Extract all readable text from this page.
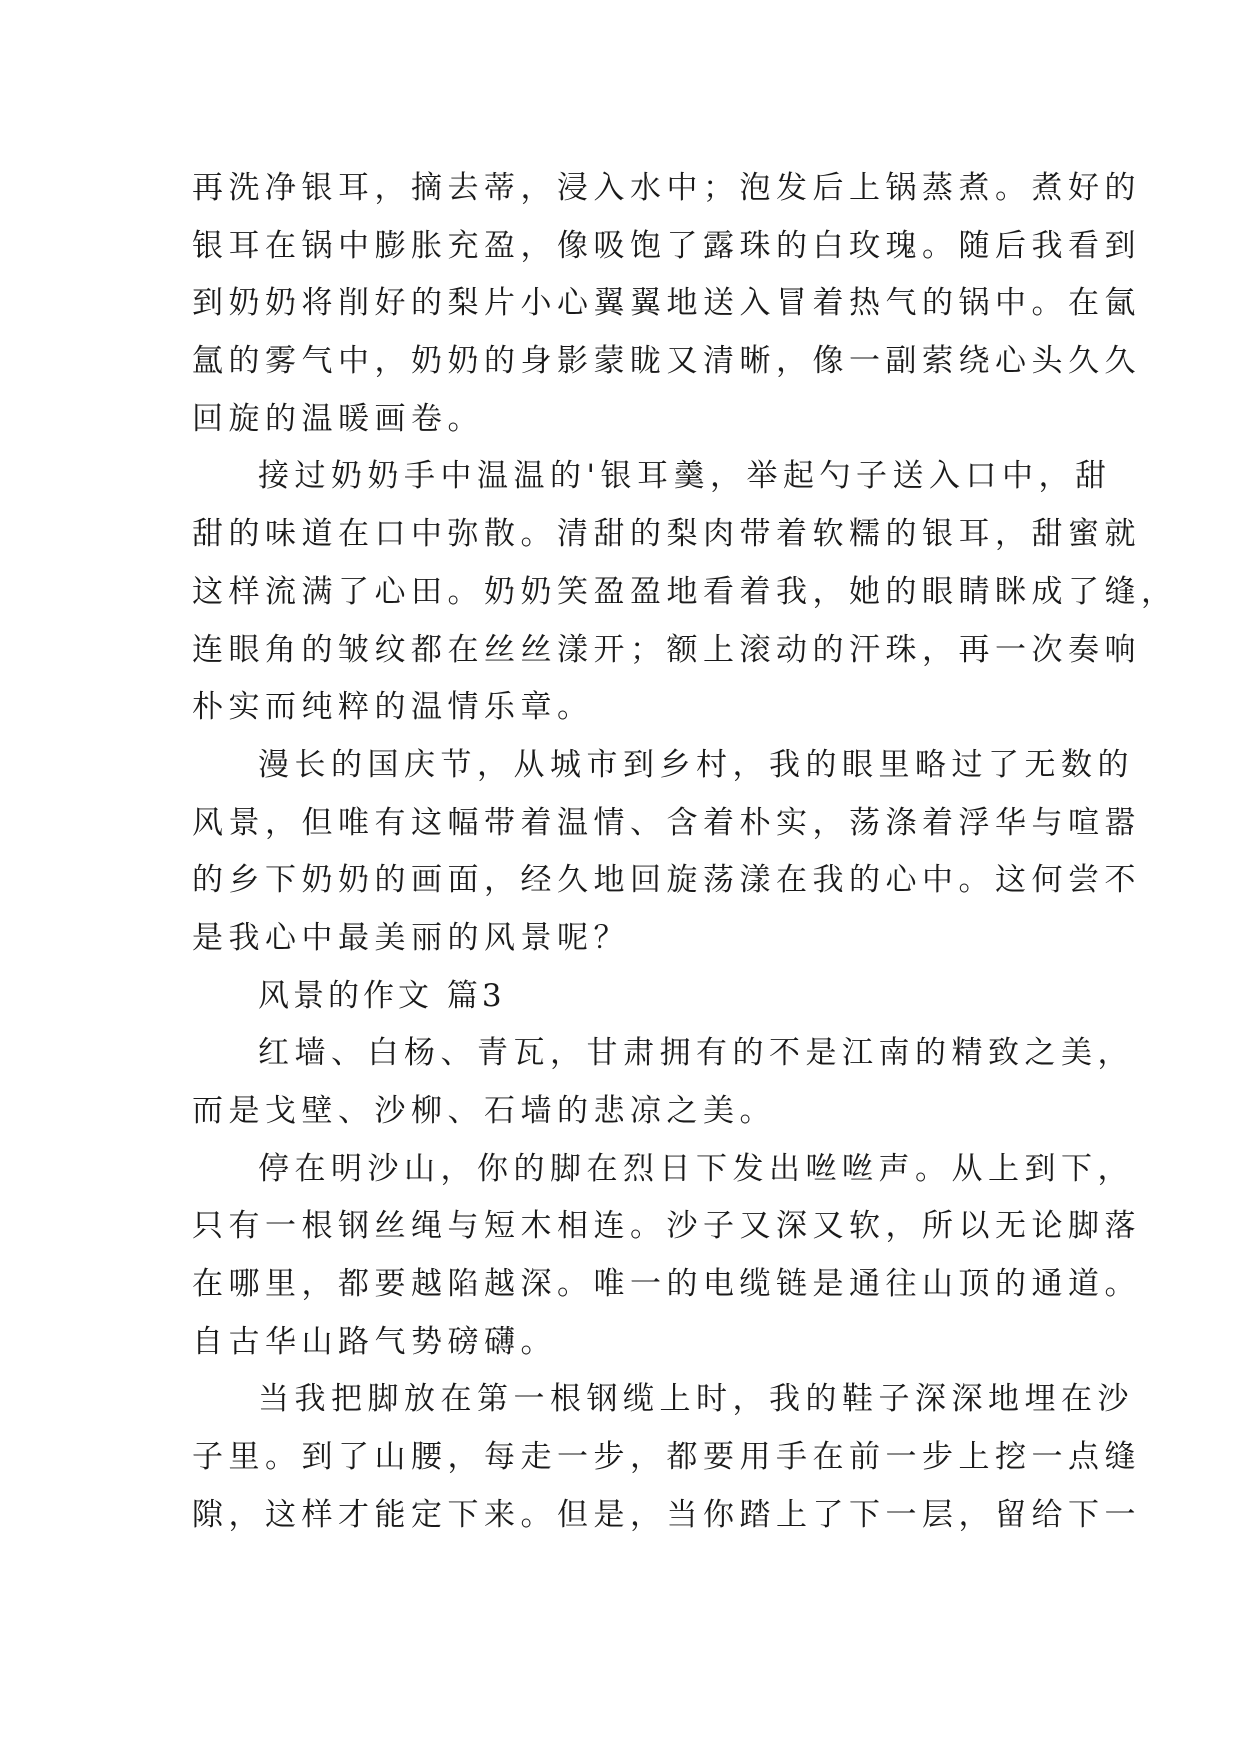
再洗净银耳，摘去蒂，浸入水中；泡发后上锅蒸煮。煮好的
银耳在锅中膨胀充盈，像吸饱了露珠的白玫瑰。随后我看到
到奶奶将削好的梨片小心翼翼地送入冒着热气的锅中。在氤
氲的雾气中，奶奶的身影蒙眬又清晰，像一副萦绕心头久久
回旋的温暖画卷。
接过奶奶手中温温的'银耳羹，举起勺子送入口中，甜
甜的味道在口中弥散。清甜的梨肉带着软糯的银耳，甜蜜就
这样流满了心田。奶奶笑盈盈地看着我，她的眼睛眯成了缝，
连眼角的皱纹都在丝丝漾开；额上滚动的汗珠，再一次奏响
朴实而纯粹的温情乐章。
漫长的国庆节，从城市到乡村，我的眼里略过了无数的
风景，但唯有这幅带着温情、含着朴实，荡涤着浮华与喧嚣
的乡下奶奶的画面，经久地回旋荡漾在我的心中。这何尝不
是我心中最美丽的风景呢？
风景的作文 篇3
红墙、白杨、青瓦，甘肃拥有的不是江南的精致之美，
而是戈壁、沙柳、石墙的悲凉之美。
停在明沙山，你的脚在烈日下发出咝咝声。从上到下，
只有一根钢丝绳与短木相连。沙子又深又软，所以无论脚落
在哪里，都要越陷越深。唯一的电缆链是通往山顶的通道。
自古华山路气势磅礴。
当我把脚放在第一根钢缆上时，我的鞋子深深地埋在沙
子里。到了山腰，每走一步，都要用手在前一步上挖一点缝
隙，这样才能定下来。但是，当你踏上了下一层，留给下一
